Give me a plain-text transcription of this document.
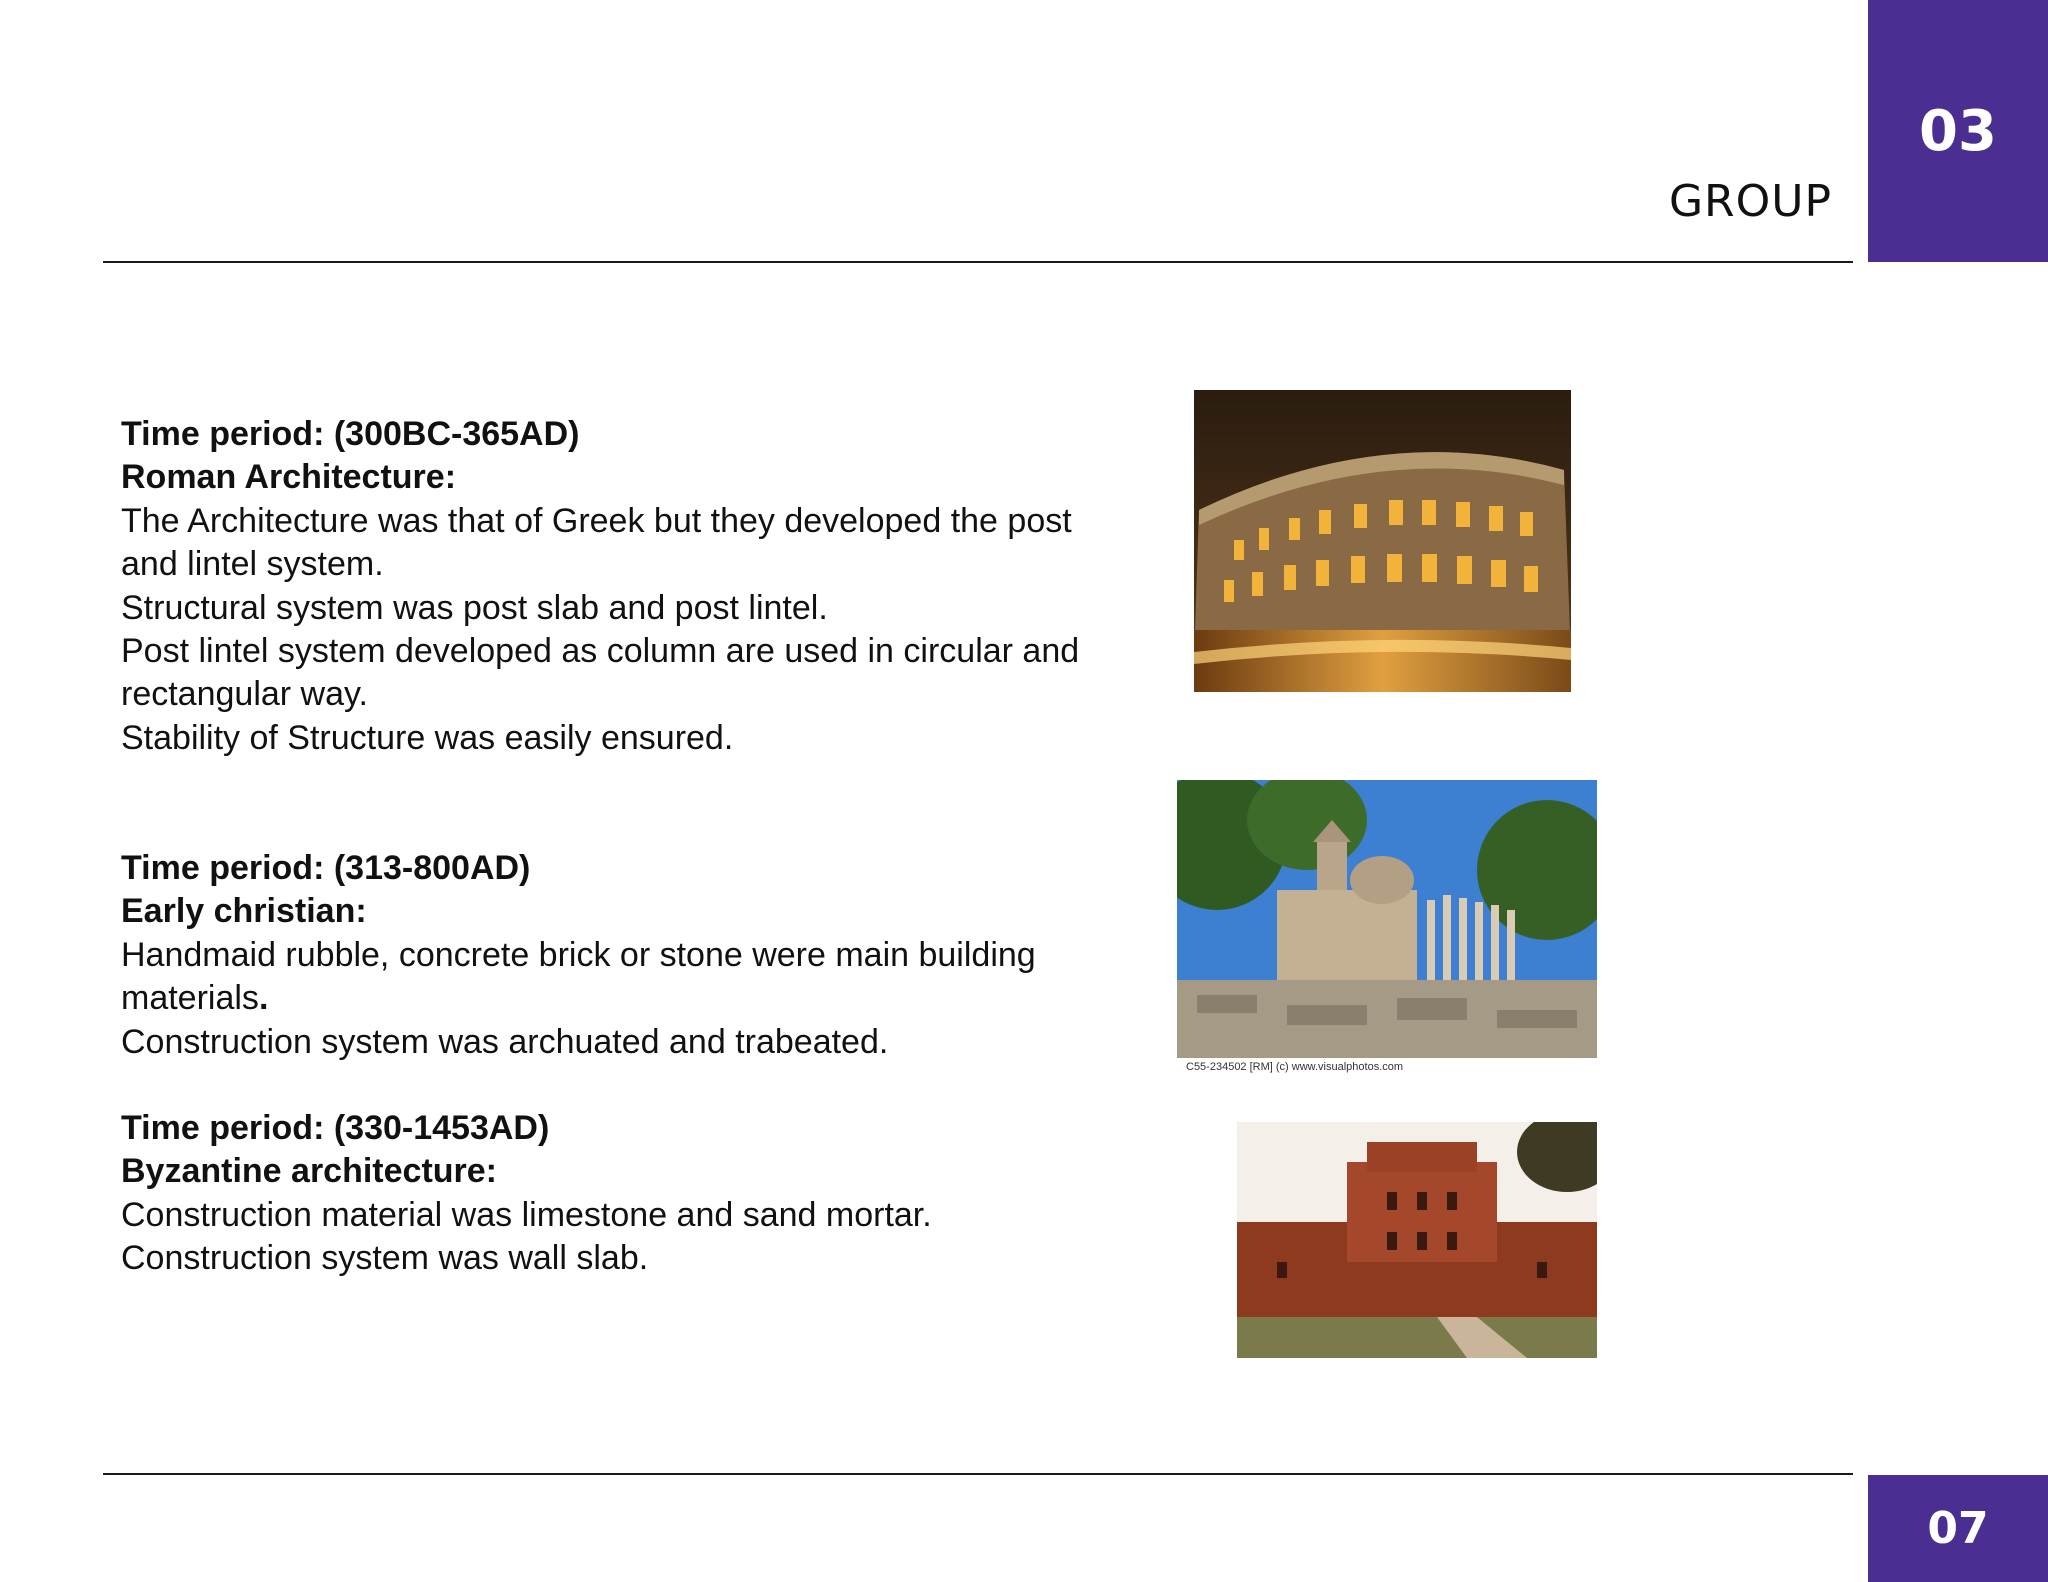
GROUP
03

Time period: (300BC-365AD)

Roman Architecture:

The Architecture was that of Greek but they developed the post

and lintel system.

Structural system was post slab and post lintel.

Post lintel system developed as column are used in circular and

rectangular way.

Stability of Structure was easily ensured.

Time period: (313-800AD)

Early christian:

Handmaid rubble, concrete brick or stone were main building

materials.

Construction system was archuated and trabeated.

Time period: (330-1453AD)

Byzantine architecture:

Construction material was limestone and sand mortar.

Construction system was wall slab.

C55-234502 [RM] (c) www.visualphotos.com
07
